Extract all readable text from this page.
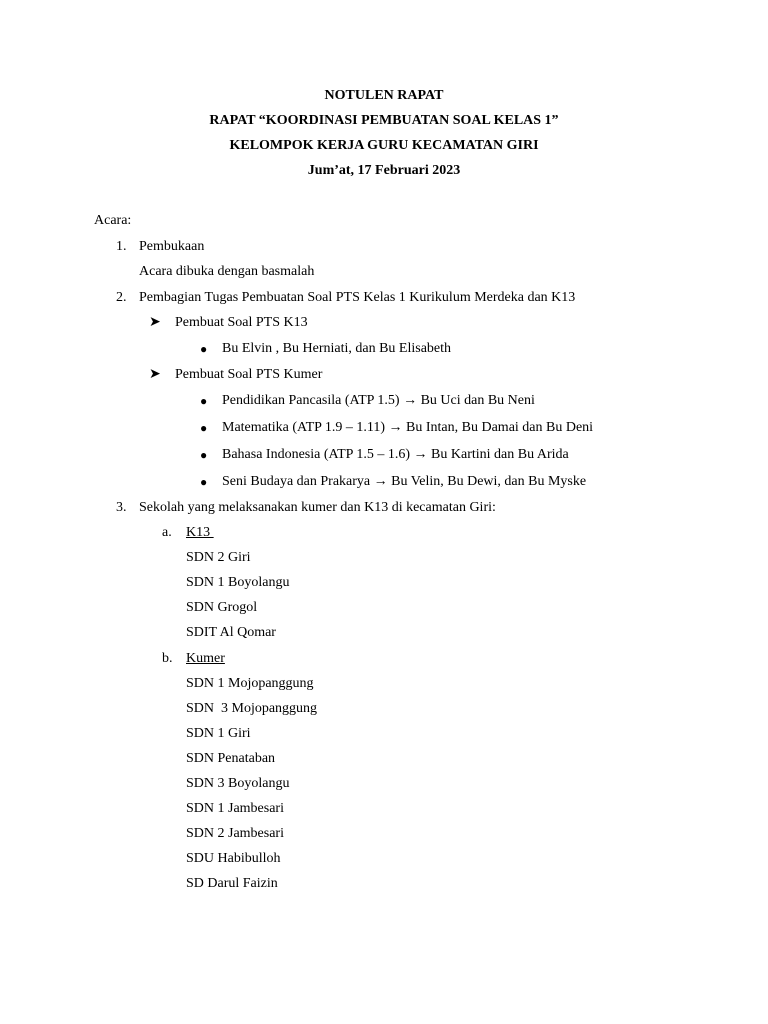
NOTULEN RAPAT
RAPAT “KOORDINASI PEMBUATAN SOAL KELAS 1”
KELOMPOK KERJA GURU KECAMATAN GIRI
Jum’at, 17 Februari 2023
Acara:
1. Pembukaan
Acara dibuka dengan basmalah
2. Pembagian Tugas Pembuatan Soal PTS Kelas 1 Kurikulum Merdeka dan K13
➤ Pembuat Soal PTS K13
● Bu Elvin , Bu Herniati, dan Bu Elisabeth
➤ Pembuat Soal PTS Kumer
● Pendidikan Pancasila (ATP 1.5) → Bu Uci dan Bu Neni
● Matematika (ATP 1.9 – 1.11) → Bu Intan, Bu Damai dan Bu Deni
● Bahasa Indonesia (ATP 1.5 – 1.6) → Bu Kartini dan Bu Arida
● Seni Budaya dan Prakarya → Bu Velin, Bu Dewi, dan Bu Myske
3. Sekolah yang melaksanakan kumer dan K13 di kecamatan Giri:
a. K13
SDN 2 Giri
SDN 1 Boyolangu
SDN Grogol
SDIT Al Qomar
b. Kumer
SDN 1 Mojopanggung
SDN  3 Mojopanggung
SDN 1 Giri
SDN Penataban
SDN 3 Boyolangu
SDN 1 Jambesari
SDN 2 Jambesari
SDU Habibulloh
SD Darul Faizin
